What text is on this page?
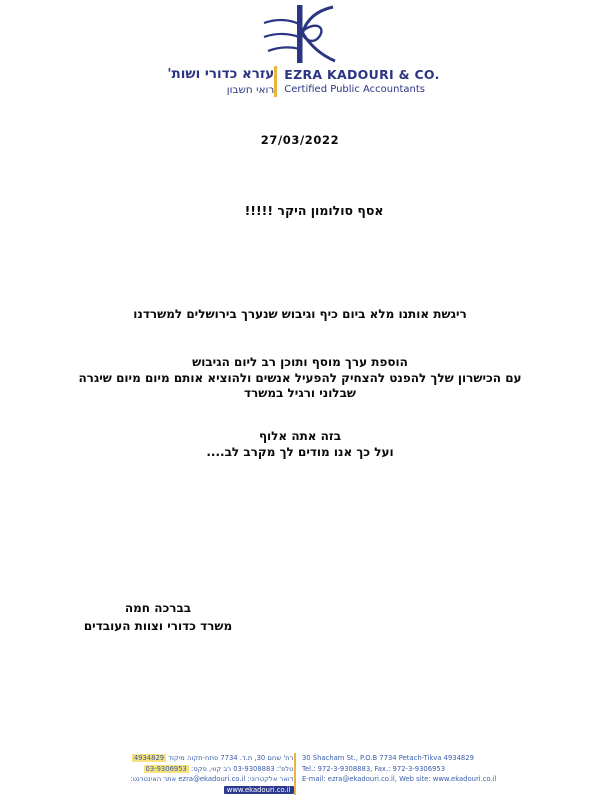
עזרא כדורי ושות'
רואי חשבון
EZRA KADOURI & CO.
Certified Public Accountants
27/03/2022
אסף סולומון היקר !!!!!
ריגשת אותנו מלא ביום כיף וגיבוש שנערך בירושלים למשרדנו
הוספת ערך מוסף ותוכן רב ליום הגיבוש
עם הכישרון שלך להפנט להצחיק להפעיל אנשים ולהוציא אותם מיום מיום שיגרה
שבלוני ורגיל במשרד
בזה אתה אלוף
ועל כך אנו מודים לך מקרב לב....
בברכה חמה
משרד כדורי וצוות העובדים
רח' שחם 30, ת.ד. 7734 פתח-תקוה מיקוד 4934829
טלפ': 03-9308883 רב קווי, פקס: 03-9306953
דואר אלקטרוני: ezra@ekadouri.co.il אתר האינטרנט: www.ekadouri.co.il
30 Shacham St., P.O.B 7734 Petach-Tikva 4934829
Tel.: 972-3-9308883, Fax.: 972-3-9306953
E-mail: ezra@ekadouri.co.il, Web site: www.ekadouri.co.il
